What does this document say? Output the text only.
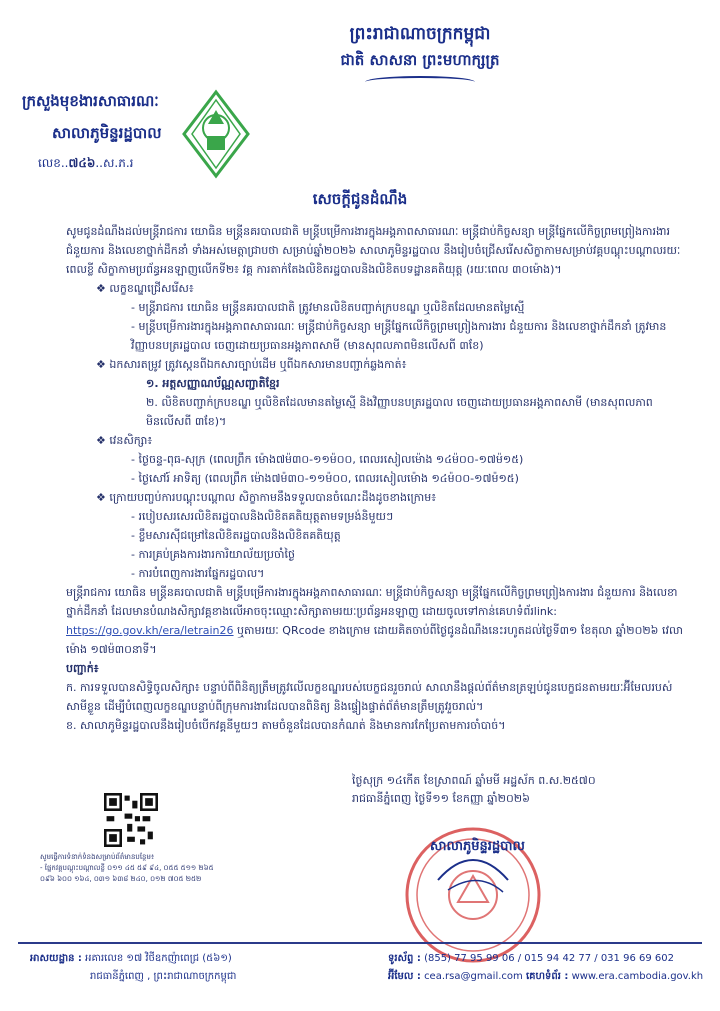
ព្រះរាជាណាចក្រកម្ពុជា
ជាតិ សាសនា ព្រះមហាក្សត្រ
ក្រសួងមុខងារសាធារណៈ
សាលាភូមិន្ទរដ្ឋបាល
លេខ..៧៤៦..ស.ភ.រ
សេចក្ដីជូនដំណឹង

សូមជូនដំណឹងដល់មន្ត្រីរាជការ យោធិន មន្ត្រីនគរបាលជាតិ មន្ត្រីបម្រើការងារក្នុងអង្គភាពសាធារណៈ មន្ត្រីជាប់កិច្ចសន្យា មន្ត្រីផ្នែកលើកិច្ចព្រមព្រៀងការងារ ជំនួយការ និងលេខាថ្នាក់ដឹកនាំ ទាំងអស់មេត្តាជ្រាបថា សម្រាប់ឆ្នាំ២០២៦ សាលាភូមិន្ទរដ្ឋបាល នឹងរៀបចំជ្រើសរើសសិក្ខាកាមសម្រាប់វគ្គបណ្ដុះបណ្ដាលរយៈពេលខ្លី សិក្ខាកាមប្រព័ន្ធអនឡាញលើកទី២៖ វគ្គ ការតាក់តែងលិខិតរដ្ឋបាលនិងលិខិតបទដ្ឋានគតិយុត្ត (រយៈពេល ៣០ម៉ោង)។

❖ លក្ខខណ្ឌជ្រើសរើស៖

- មន្ត្រីរាជការ យោធិន មន្ត្រីនគរបាលជាតិ ត្រូវមានលិខិតបញ្ជាក់ក្របខណ្ឌ ឬលិខិតដែលមានតម្លៃស្មើ

- មន្ត្រីបម្រើការងារក្នុងអង្គភាពសាធារណៈ មន្ត្រីជាប់កិច្ចសន្យា មន្ត្រីផ្នែកលើកិច្ចព្រមព្រៀងការងារ ជំនួយការ និងលេខាថ្នាក់ដឹកនាំ ត្រូវមានវិញ្ញាបនបត្ររដ្ឋបាល ចេញដោយប្រធានអង្គភាពសាមី (មានសុពលភាពមិនលើសពី ៣ខែ)

❖ ឯកសារតម្រូវ ត្រូវស្កេនពីឯកសារច្បាប់ដើម ឬពីឯកសារមានបញ្ជាក់ឆ្លងកាត់៖

១. អត្តសញ្ញាណប័ណ្ណសញ្ជាតិខ្មែរ

២. លិខិតបញ្ជាក់ក្របខណ្ឌ ឬលិខិតដែលមានតម្លៃស្មើ និងវិញ្ញាបនបត្ររដ្ឋបាល ចេញដោយប្រធានអង្គភាពសាមី (មានសុពលភាពមិនលើសពី ៣ខែ)។

❖ វេនសិក្សា៖

- ថ្ងៃចន្ទ-ពុធ-សុក្រ (ពេលព្រឹក ម៉ោង៧ម៉៣០-១១ម៉០០, ពេលរសៀលម៉ោង ១៤ម៉០០-១៧ម៉១៥)

- ថ្ងៃសៅរ៍ អាទិត្យ (ពេលព្រឹក ម៉ោង៧ម៉៣០-១១ម៉០០, ពេលរសៀលម៉ោង ១៤ម៉០០-១៧ម៉១៥)

❖ ក្រោយបញ្ចប់ការបណ្ដុះបណ្ដាល សិក្ខាកាមនឹងទទួលបានចំណេះដឹងដូចខាងក្រោម៖

- របៀបសរសេរលិខិតរដ្ឋបាលនិងលិខិតគតិយុត្តតាមទម្រង់និមួយៗ

- ខ្លឹមសារស៊ីជម្រៅនៃលិខិតរដ្ឋបាលនិងលិខិតគតិយុត្ត

- ការគ្រប់គ្រងការងារការិយាល័យប្រចាំថ្ងៃ

- ការបំពេញការងារផ្នែករដ្ឋបាល។

មន្ត្រីរាជការ យោធិន មន្ត្រីនគរបាលជាតិ មន្ត្រីបម្រើការងារក្នុងអង្គភាពសាធារណៈ មន្ត្រីជាប់កិច្ចសន្យា មន្ត្រីផ្នែកលើកិច្ចព្រមព្រៀងការងារ ជំនួយការ និងលេខាថ្នាក់ដឹកនាំ ដែលមានបំណងសិក្សាវគ្គខាងលើអាចចុះឈ្មោះសិក្សាតាមរយៈប្រព័ន្ធអនឡាញ ដោយចូលទៅកាន់គេហទំព័រlink: https://go.gov.kh/era/letrain26 ឬតាមរយៈ QRcode ខាងក្រោម ដោយគិតចាប់ពីថ្ងៃជូនដំណឹងនេះរហូតដល់ថ្ងៃទី៣១ ខែតុលា ឆ្នាំ២០២៦ វេលាម៉ោង ១៧ម៉៣០នាទី។

បញ្ជាក់៖

ក. ការទទួលបានសិទ្ធិចូលសិក្សា៖ បន្ទាប់ពីពិនិត្យត្រឹមត្រូវលើលក្ខខណ្ឌរបស់បេក្ខជនរួចរាល់ សាលានឹងផ្ដល់ព័ត៌មានត្រឡប់ជូនបេក្ខជនតាមរយៈអ៊ីមែលរបស់សាមីខ្លួន ដើម្បីបំពេញលក្ខខណ្ឌបន្ទាប់ពីក្រុមការងារដែលបានពិនិត្យ និងផ្ទៀងផ្ទាត់ព័ត៌មានត្រឹមត្រូវរួចរាល់។

ខ. សាលាភូមិន្ទរដ្ឋបាលនឹងរៀបចំបើកវគ្គនីមួយៗ តាមចំនួនដែលបានកំណត់ និងមានការកែប្រែតាមការចាំបាច់។

សូមធ្វើការទំនាក់ទំនងសម្រាប់ព័ត៌មានបន្ថែម៖
- ផ្នែកវគ្គបណ្ដុះបណ្ដាលខ្លី ០១១ ៤៥ ៥៩ ៩៤, ០៥៥ ៥១១ ២៦៥
០៩៦ ៦០០ ១៦៤, ០៣១ ៦៣៨ ២៤០, ០១២ ៧០៥ ២៥២
ថ្ងៃសុក្រ ១៤កើត ខែស្រាពណ៍ ឆ្នាំមមី អដ្ឋស័ក ព.ស.២៥៧០
រាជធានីភ្នំពេញ ថ្ងៃទី១១ ខែកញ្ញា ឆ្នាំ២០២៦
សាលាភូមិន្ទរដ្ឋបាល
អាសយដ្ឋាន : អគារលេខ ១៧ វិថីឧកញ៉ាពេជ្រ (៥៦១)
រាជធានីភ្នំពេញ , ព្រះរាជាណាចក្រកម្ពុជា
ទូរស័ព្ទ : (855) 77 95 99 06 / 015 94 42 77 / 031 96 69 602
អ៊ីមែល : cea.rsa@gmail.com គេហទំព័រ : www.era.cambodia.gov.kh
